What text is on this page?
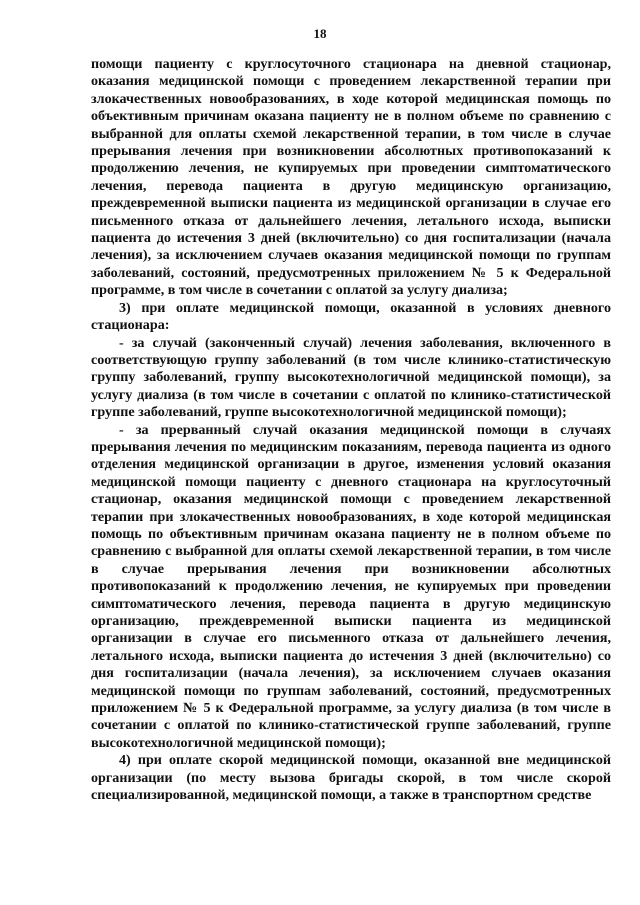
18

помощи пациенту с круглосуточного стационара на дневной стационар, оказания медицинской помощи с проведением лекарственной терапии при злокачественных новообразованиях, в ходе которой медицинская помощь по объективным причинам оказана пациенту не в полном объеме по сравнению с выбранной для оплаты схемой лекарственной терапии, в том числе в случае прерывания лечения при возникновении абсолютных противопоказаний к продолжению лечения, не купируемых при проведении симптоматического лечения, перевода пациента в другую медицинскую организацию, преждевременной выписки пациента из медицинской организации в случае его письменного отказа от дальнейшего лечения, летального исхода, выписки пациента до истечения 3 дней (включительно) со дня госпитализации (начала лечения), за исключением случаев оказания медицинской помощи по группам заболеваний, состояний, предусмотренных приложением № 5 к Федеральной программе, в том числе в сочетании с оплатой за услугу диализа;

3) при оплате медицинской помощи, оказанной в условиях дневного стационара:

- за случай (законченный случай) лечения заболевания, включенного в соответствующую группу заболеваний (в том числе клинико-статистическую группу заболеваний, группу высокотехнологичной медицинской помощи), за услугу диализа (в том числе в сочетании с оплатой по клинико-статистической группе заболеваний, группе высокотехнологичной медицинской помощи);

- за прерванный случай оказания медицинской помощи в случаях прерывания лечения по медицинским показаниям, перевода пациента из одного отделения медицинской организации в другое, изменения условий оказания медицинской помощи пациенту с дневного стационара на круглосуточный стационар, оказания медицинской помощи с проведением лекарственной терапии при злокачественных новообразованиях, в ходе которой медицинская помощь по объективным причинам оказана пациенту не в полном объеме по сравнению с выбранной для оплаты схемой лекарственной терапии, в том числе в случае прерывания лечения при возникновении абсолютных противопоказаний к продолжению лечения, не купируемых при проведении симптоматического лечения, перевода пациента в другую медицинскую организацию, преждевременной выписки пациента из медицинской организации в случае его письменного отказа от дальнейшего лечения, летального исхода, выписки пациента до истечения 3 дней (включительно) со дня госпитализации (начала лечения), за исключением случаев оказания медицинской помощи по группам заболеваний, состояний, предусмотренных приложением № 5 к Федеральной программе, за услугу диализа (в том числе в сочетании с оплатой по клинико-статистической группе заболеваний, группе высокотехнологичной медицинской помощи);

4) при оплате скорой медицинской помощи, оказанной вне медицинской организации (по месту вызова бригады скорой, в том числе скорой специализированной, медицинской помощи, а также в транспортном средстве
